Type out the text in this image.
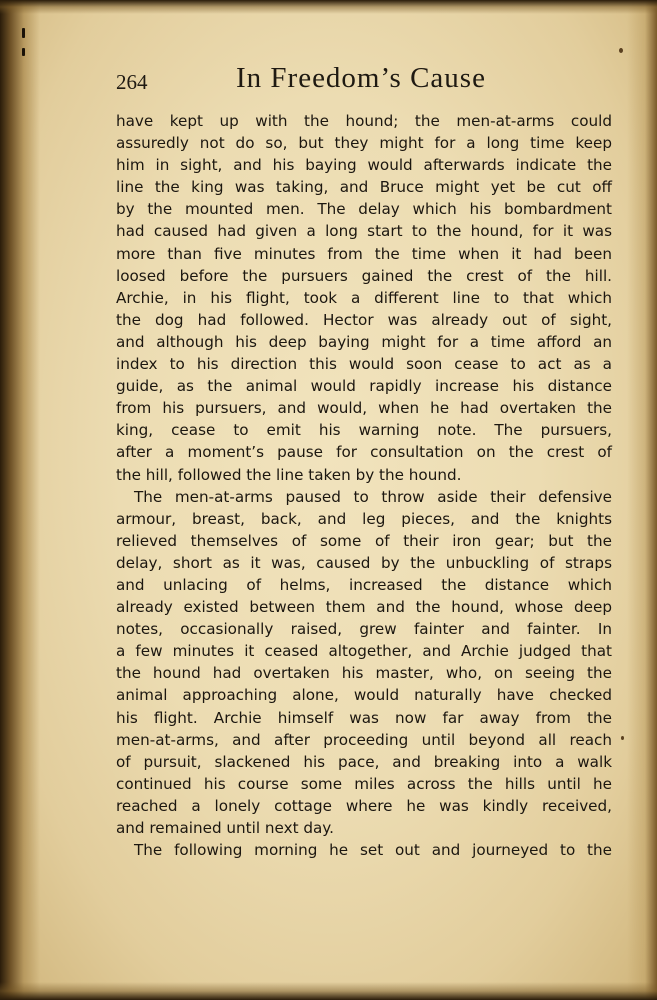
264	In Freedom’s Cause
have kept up with the hound; the men-at-arms could
assuredly not do so, but they might for a long time keep
him in sight, and his baying would afterwards indicate the
line the king was taking, and Bruce might yet be cut off
by the mounted men. The delay which his bombardment
had caused had given a long start to the hound, for it was
more than five minutes from the time when it had been
loosed before the pursuers gained the crest of the hill.
Archie, in his flight, took a different line to that which
the dog had followed. Hector was already out of sight,
and although his deep baying might for a time afford an
index to his direction this would soon cease to act as a
guide, as the animal would rapidly increase his distance
from his pursuers, and would, when he had overtaken the
king, cease to emit his warning note. The pursuers,
after a moment’s pause for consultation on the crest of
the hill, followed the line taken by the hound.
The men-at-arms paused to throw aside their defensive
armour, breast, back, and leg pieces, and the knights
relieved themselves of some of their iron gear; but the
delay, short as it was, caused by the unbuckling of straps
and unlacing of helms, increased the distance which
already existed between them and the hound, whose deep
notes, occasionally raised, grew fainter and fainter. In
a few minutes it ceased altogether, and Archie judged that
the hound had overtaken his master, who, on seeing the
animal approaching alone, would naturally have checked
his flight. Archie himself was now far away from the
men-at-arms, and after proceeding until beyond all reach
of pursuit, slackened his pace, and breaking into a walk
continued his course some miles across the hills until he
reached a lonely cottage where he was kindly received,
and remained until next day.
The following morning he set out and journeyed to the
